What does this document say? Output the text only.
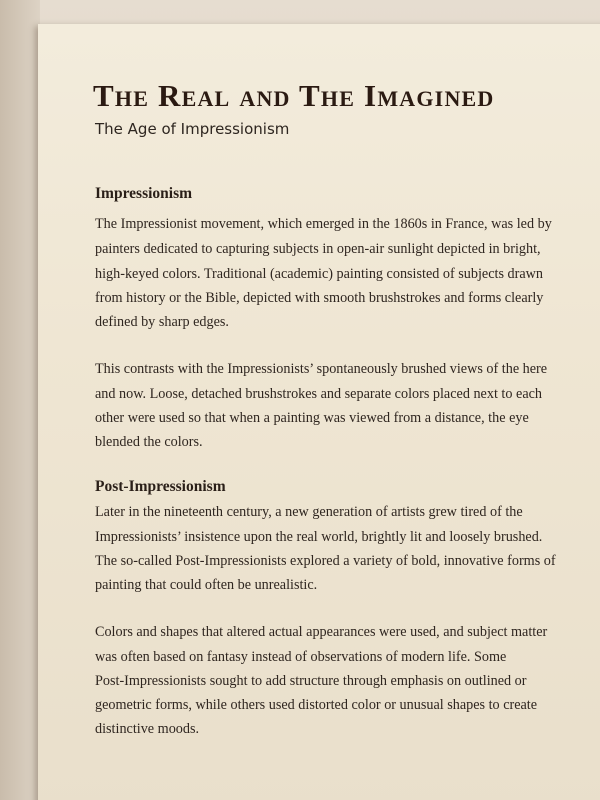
The Real and The Imagined

The Age of Impressionism

Impressionism

The Impressionist movement, which emerged in the 1860s in France, was led by

painters dedicated to capturing subjects in open-air sunlight depicted in bright,

high-keyed colors. Traditional (academic) painting consisted of subjects drawn

from history or the Bible, depicted with smooth brushstrokes and forms clearly

defined by sharp edges.

This contrasts with the Impressionists’ spontaneously brushed views of the here

and now. Loose, detached brushstrokes and separate colors placed next to each

other were used so that when a painting was viewed from a distance, the eye

blended the colors.

Post-Impressionism

Later in the nineteenth century, a new generation of artists grew tired of the

Impressionists’ insistence upon the real world, brightly lit and loosely brushed.

The so-called Post-Impressionists explored a variety of bold, innovative forms of

painting that could often be unrealistic.

Colors and shapes that altered actual appearances were used, and subject matter

was often based on fantasy instead of observations of modern life. Some

Post-Impressionists sought to add structure through emphasis on outlined or

geometric forms, while others used distorted color or unusual shapes to create

distinctive moods.
